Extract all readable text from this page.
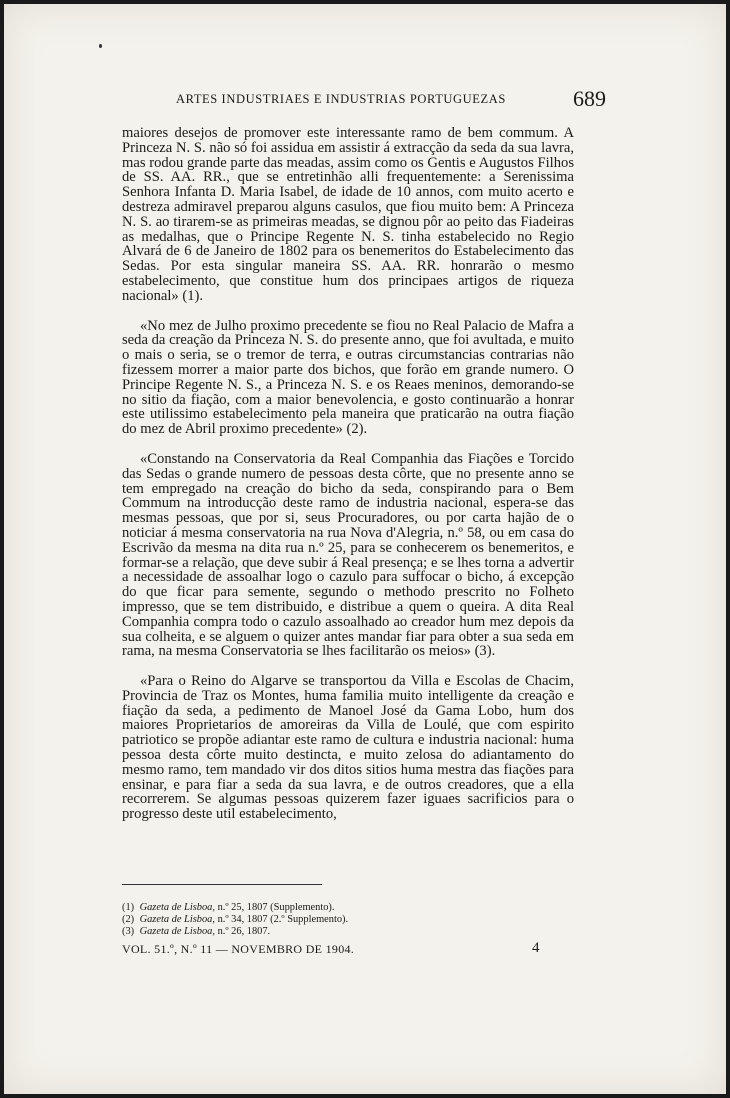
ARTES INDUSTRIAES E INDUSTRIAS PORTUGUEZAS	689

maiores desejos de promover este interessante ramo de bem commum. A Princeza N. S. não só foi assidua em assistir á extracção da seda da sua lavra, mas rodou grande parte das meadas, assim como os Gentis e Augustos Filhos de SS. AA. RR., que se entretinhão alli frequentemente: a Serenissima Senhora Infanta D. Maria Isabel, de idade de 10 annos, com muito acerto e destreza admiravel preparou alguns casulos, que fiou muito bem: A Princeza N. S. ao tirarem-se as primeiras meadas, se dignou pôr ao peito das Fiadeiras as medalhas, que o Principe Regente N. S. tinha estabelecido no Regio Alvará de 6 de Janeiro de 1802 para os benemeritos do Estabelecimento das Sedas. Por esta singular maneira SS. AA. RR. honrarão o mesmo estabelecimento, que constitue hum dos principaes artigos de riqueza nacional» (1).

«No mez de Julho proximo precedente se fiou no Real Palacio de Mafra a seda da creação da Princeza N. S. do presente anno, que foi avultada, e muito o mais o seria, se o tremor de terra, e outras circumstancias contrarias não fizessem morrer a maior parte dos bichos, que forão em grande numero. O Principe Regente N. S., a Princeza N. S. e os Reaes meninos, demorando-se no sitio da fiação, com a maior benevolencia, e gosto continuarão a honrar este utilissimo estabelecimento pela maneira que praticarão na outra fiação do mez de Abril proximo precedente» (2).

«Constando na Conservatoria da Real Companhia das Fiações e Torcido das Sedas o grande numero de pessoas desta côrte, que no presente anno se tem empregado na creação do bicho da seda, conspirando para o Bem Commum na introducção deste ramo de industria nacional, espera-se das mesmas pessoas, que por si, seus Procuradores, ou por carta hajão de o noticiar á mesma conservatoria na rua Nova d'Alegria, n.º 58, ou em casa do Escrivão da mesma na dita rua n.º 25, para se conhecerem os benemeritos, e formar-se a relação, que deve subir á Real presença; e se lhes torna a advertir a necessidade de assoalhar logo o cazulo para suffocar o bicho, á excepção do que ficar para semente, segundo o methodo prescrito no Folheto impresso, que se tem distribuido, e distribue a quem o queira. A dita Real Companhia compra todo o cazulo assoalhado ao creador hum mez depois da sua colheita, e se alguem o quizer antes mandar fiar para obter a sua seda em rama, na mesma Conservatoria se lhes facilitarão os meios» (3).

«Para o Reino do Algarve se transportou da Villa e Escolas de Chacim, Provincia de Traz os Montes, huma familia muito intelligente da creação e fiação da seda, a pedimento de Manoel José da Gama Lobo, hum dos maiores Proprietarios de amoreiras da Villa de Loulé, que com espirito patriotico se propõe adiantar este ramo de cultura e industria nacional: huma pessoa desta côrte muito destincta, e muito zelosa do adiantamento do mesmo ramo, tem mandado vir dos ditos sitios huma mestra das fiações para ensinar, e para fiar a seda da sua lavra, e de outros creadores, que a ella recorrerem. Se algumas pessoas quizerem fazer iguaes sacrificios para o progresso deste util estabelecimento,

(1) Gazeta de Lisboa, n.º 25, 1807 (Supplemento).
(2) Gazeta de Lisboa, n.º 34, 1807 (2.º Supplemento).
(3) Gazeta de Lisboa, n.º 26, 1807.
VOL. 51.º, N.º 11 — NOVEMBRO DE 1904.	4
